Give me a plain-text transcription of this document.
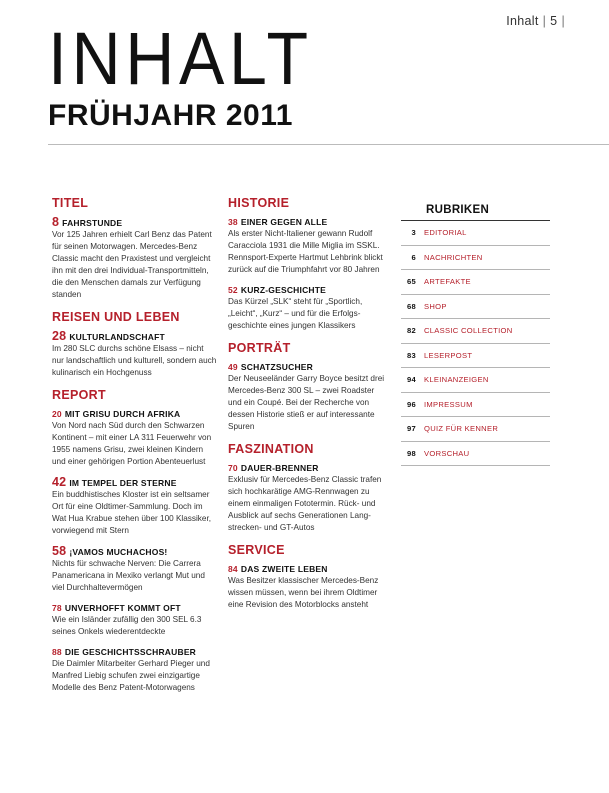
Inhalt | 5 |
INHALT
FRÜHJAHR 2011
TITEL
8 FAHRSTUNDE
Vor 125 Jahren erhielt Carl Benz das Patent für seinen Motorwagen. Mercedes-Benz Classic macht den Praxistest und vergleicht ihn mit den drei Individual-Transportmitteln, die den Menschen damals zur Verfügung standen
REISEN UND LEBEN
28 KULTURLANDSCHAFT
Im 280 SLC durchs schöne Elsass – nicht nur landschaftlich und kulturell, sondern auch kulinarisch ein Hochgenuss
REPORT
20 MIT GRISU DURCH AFRIKA
Von Nord nach Süd durch den Schwarzen Kontinent – mit einer LA 311 Feuerwehr von 1955 namens Grisu, zwei kleinen Kindern und einer gehörigen Portion Abenteuerlust
42 IM TEMPEL DER STERNE
Ein buddhistisches Kloster ist ein seltsamer Ort für eine Oldtimer-Sammlung. Doch im Wat Hua Krabue stehen über 100 Klassiker, vorwiegend mit Stern
58 ¡VAMOS MUCHACHOS!
Nichts für schwache Nerven: Die Carrera Panamericana in Mexiko verlangt Mut und viel Durchhaltevermögen
78 UNVERHOFFT KOMMT OFT
Wie ein Isländer zufällig den 300 SEL 6.3 seines Onkels wiederentdeckte
88 DIE GESCHICHTSSCHRAUBER
Die Daimler Mitarbeiter Gerhard Pieger und Manfred Liebig schufen zwei einzigartige Modelle des Benz Patent-Motorwagens
HISTORIE
38 EINER GEGEN ALLE
Als erster Nicht-Italiener gewann Rudolf Caracciola 1931 die Mille Miglia im SSKL. Rennsport-Experte Hartmut Lehbrink blickt zurück auf die Triumphfahrt vor 80 Jahren
52 KURZ-GESCHICHTE
Das Kürzel „SLK“ steht für „Sportlich, „Leicht“, „Kurz“ – und für die Erfolgs-geschichte eines jungen Klassikers
PORTRÄT
49 SCHATZSUCHER
Der Neuseeländer Garry Boyce besitzt drei Mercedes-Benz 300 SL – zwei Roadster und ein Coupé. Bei der Recherche von dessen Historie stieß er auf interessante Spuren
FASZINATION
70 DAUER-BRENNER
Exklusiv für Mercedes-Benz Classic trafen sich hochkarätige AMG-Rennwagen zu einem einmaligen Fototermin. Rück- und Ausblick auf sechs Generationen Lang-strecken- und GT-Autos
SERVICE
84 DAS ZWEITE LEBEN
Was Besitzer klassischer Mercedes-Benz wissen müssen, wenn bei ihrem Oldtimer eine Revision des Motorblocks ansteht
RUBRIKEN
3	EDITORIAL
6	NACHRICHTEN
65	ARTEFAKTE
68	SHOP
82	CLASSIC COLLECTION
83	LESERPOST
94	KLEINANZEIGEN
96	IMPRESSUM
97	QUIZ FÜR KENNER
98	VORSCHAU
